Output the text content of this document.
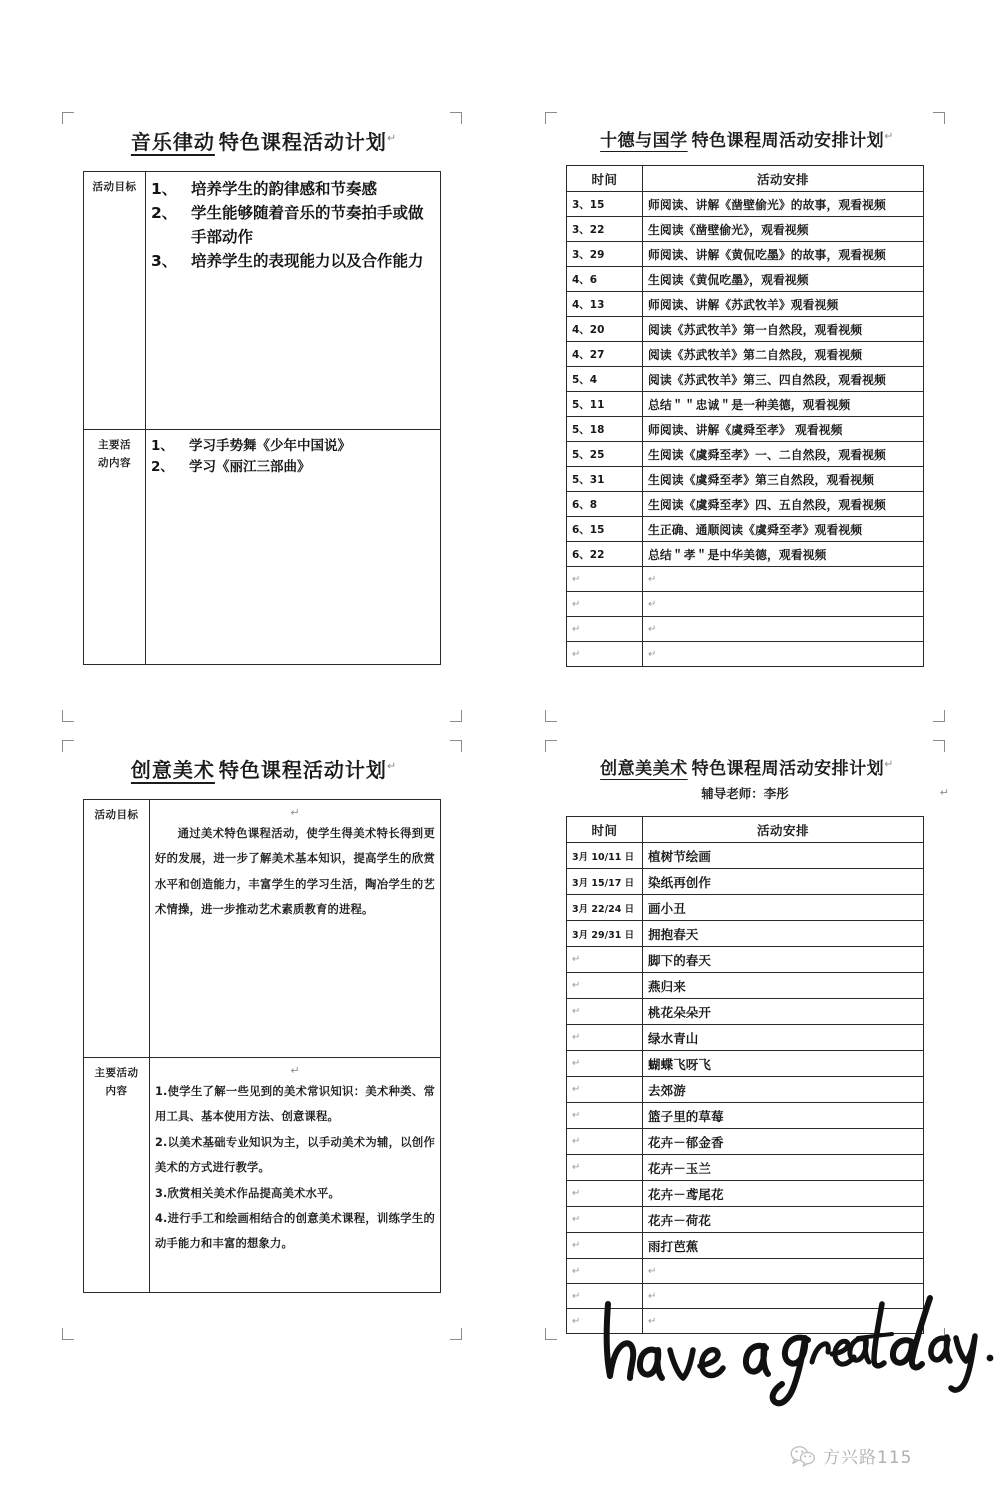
音乐律动 特色课程活动计划↵
活动目标	1、 培养学生的韵律感和节奏感
2、 学生能够随着音乐的节奏拍手或做手部动作
3、 培养学生的表现能力以及合作能力

主要活
动内容

1、	学习手势舞《少年中国说》
2、	学习《丽江三部曲》
十德与国学 特色课程周活动安排计划↵
时间	活动安排
3、15	师阅读、讲解《凿壁偷光》的故事，观看视频
3、22	生阅读《凿壁偷光》，观看视频
3、29	师阅读、讲解《黄侃吃墨》的故事，观看视频
4、6	生阅读《黄侃吃墨》，观看视频
4、13	师阅读、讲解《苏武牧羊》观看视频
4、20	阅读《苏武牧羊》第一自然段，观看视频
4、27	阅读《苏武牧羊》第二自然段，观看视频
5、4	阅读《苏武牧羊》第三、四自然段，观看视频
5、11	总结＂＂忠诚＂是一种美德，观看视频
5、18	师阅读、讲解《虞舜至孝》 观看视频
5、25	生阅读《虞舜至孝》一、二自然段，观看视频
5、31	生阅读《虞舜至孝》第三自然段，观看视频
6、8	生阅读《虞舜至孝》四、五自然段，观看视频
6、15	生正确、通顺阅读《虞舜至孝》观看视频
6、22	总结＂孝＂是中华美德，观看视频
↵	↵
↵	↵
↵	↵
↵	↵
创意美术 特色课程活动计划↵
活动目标	↵

通过美术特色课程活动，使学生得美术特长得到更好的发展，进一步了解美术基本知识，提高学生的欣赏水平和创造能力，丰富学生的学习生活，陶冶学生的艺术情操，进一步推动艺术素质教育的进程。

主要活动
内容

↵

1.使学生了解一些见到的美术常识知识：美术种类、常用工具、基本使用方法、创意课程。

2.以美术基础专业知识为主，以手动美术为辅，以创作美术的方式进行教学。

3.欣赏相关美术作品提高美术水平。

4.进行手工和绘画相结合的创意美术课程，训练学生的动手能力和丰富的想象力。

创意美美术 特色课程周活动安排计划↵
辅导老师：李彤	↵
时间	活动安排
3月 10/11 日	植树节绘画
3月 15/17 日	染纸再创作
3月 22/24 日	画小丑
3月 29/31 日	拥抱春天
↵	脚下的春天
↵	燕归来
↵	桃花朵朵开
↵	绿水青山
↵	蝴蝶飞呀飞
↵	去郊游
↵	篮子里的草莓
↵	花卉－郁金香
↵	花卉－玉兰
↵	花卉－鸢尾花
↵	花卉－荷花
↵	雨打芭蕉
↵	↵
↵	↵
↵	↵
方兴路115
